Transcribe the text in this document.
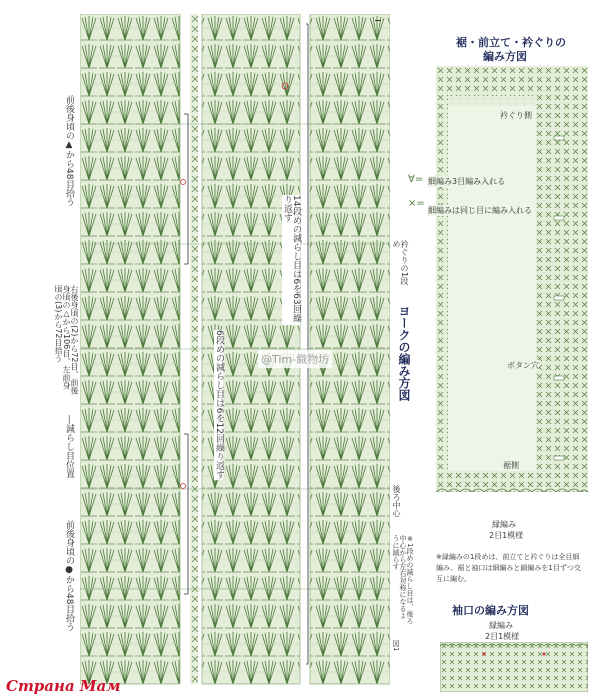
前後身頃の▲から48目拾う
右後身頃の(2)から72目、前後身頃の△から106目、左前身頃の(3)から72目拾う
―減らし目位置
前後身頃の●から48目拾う
6段めの減らし目は6を12回繰り返す
14段めの減らし目は6を63回繰り返す
衿ぐりの1段め
後ろ中心
※1段めの減らし目は、後ろ中心から左右対称になるように減らす
ヨークの編み方図
@Tim-織物坊
図1
裾・前立て・衿ぐりの
編み方図
衿ぐり側
ボタン穴
裾側
∀= 細編み3目編み入れる
×=
細編みは同じ目に編み入れる
縁編み
2目1模様
※縁編みの1段めは、前立てと衿ぐりは全目細編み、裾と袖口は細編みと鎖編みを1目ずつ交互に編む。
袖口の編み方図
縁編み
2目1模様
Страна Мам
